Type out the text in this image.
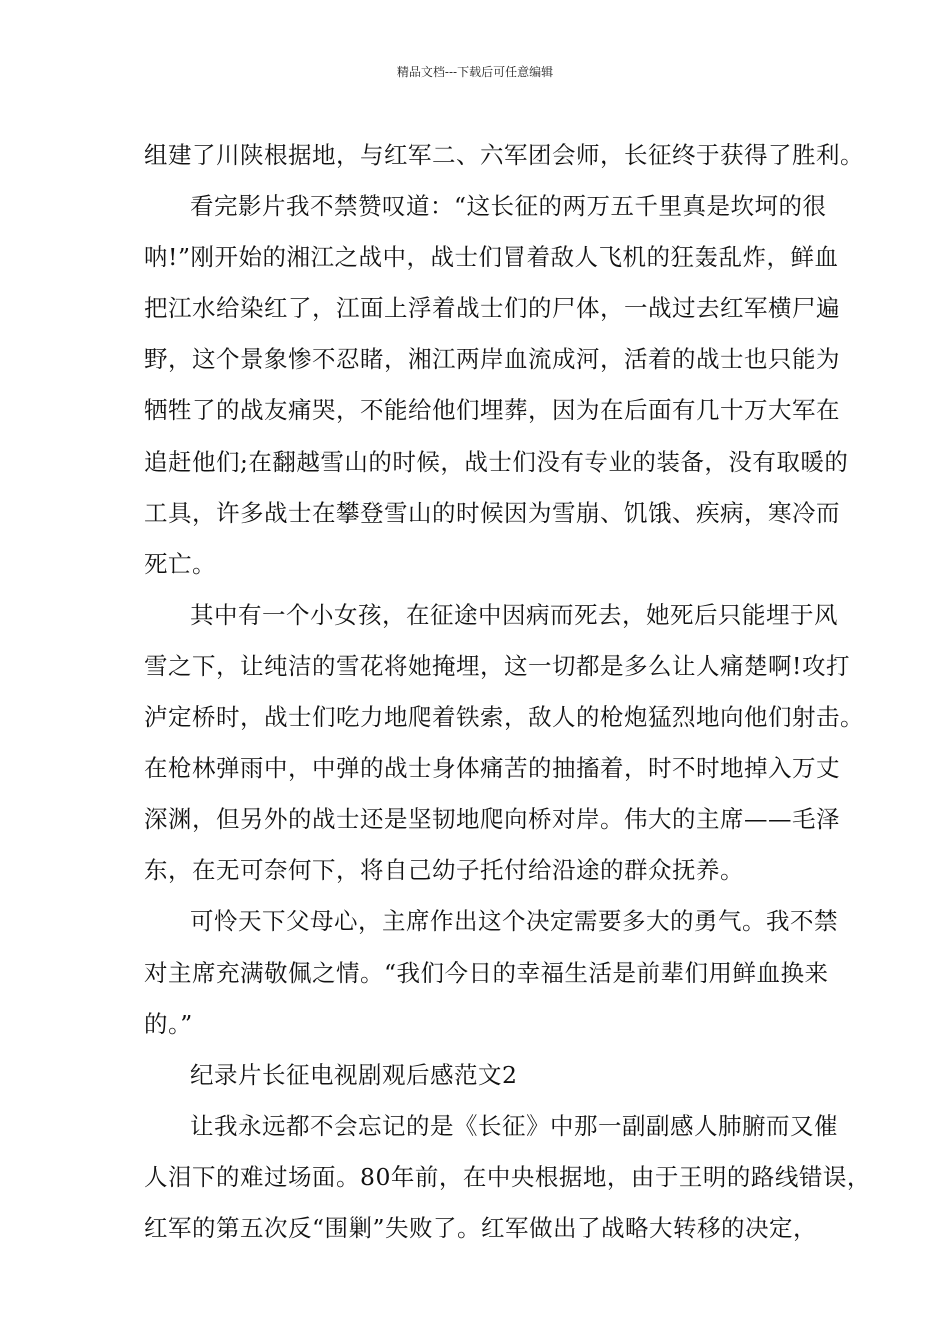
精品文档---下载后可任意编辑
组建了川陕根据地，与红军二、六军团会师，长征终于获得了胜利。
看完影片我不禁赞叹道：“这长征的两万五千里真是坎坷的很
呐!”刚开始的湘江之战中，战士们冒着敌人飞机的狂轰乱炸，鲜血
把江水给染红了，江面上浮着战士们的尸体，一战过去红军横尸遍
野，这个景象惨不忍睹，湘江两岸血流成河，活着的战士也只能为
牺牲了的战友痛哭，不能给他们埋葬，因为在后面有几十万大军在
追赶他们;在翻越雪山的时候，战士们没有专业的装备，没有取暖的
工具，许多战士在攀登雪山的时候因为雪崩、饥饿、疾病，寒冷而
死亡。
其中有一个小女孩，在征途中因病而死去，她死后只能埋于风
雪之下，让纯洁的雪花将她掩埋，这一切都是多么让人痛楚啊!攻打
泸定桥时，战士们吃力地爬着铁索，敌人的枪炮猛烈地向他们射击。
在枪林弹雨中，中弹的战士身体痛苦的抽搐着，时不时地掉入万丈
深渊，但另外的战士还是坚韧地爬向桥对岸。伟大的主席——毛泽
东，在无可奈何下，将自己幼子托付给沿途的群众抚养。
可怜天下父母心，主席作出这个决定需要多大的勇气。我不禁
对主席充满敬佩之情。“我们今日的幸福生活是前辈们用鲜血换来
的。”
纪录片长征电视剧观后感范文2
让我永远都不会忘记的是《长征》中那一副副感人肺腑而又催
人泪下的难过场面。80年前，在中央根据地，由于王明的路线错误，
红军的第五次反“围剿”失败了。红军做出了战略大转移的决定，
